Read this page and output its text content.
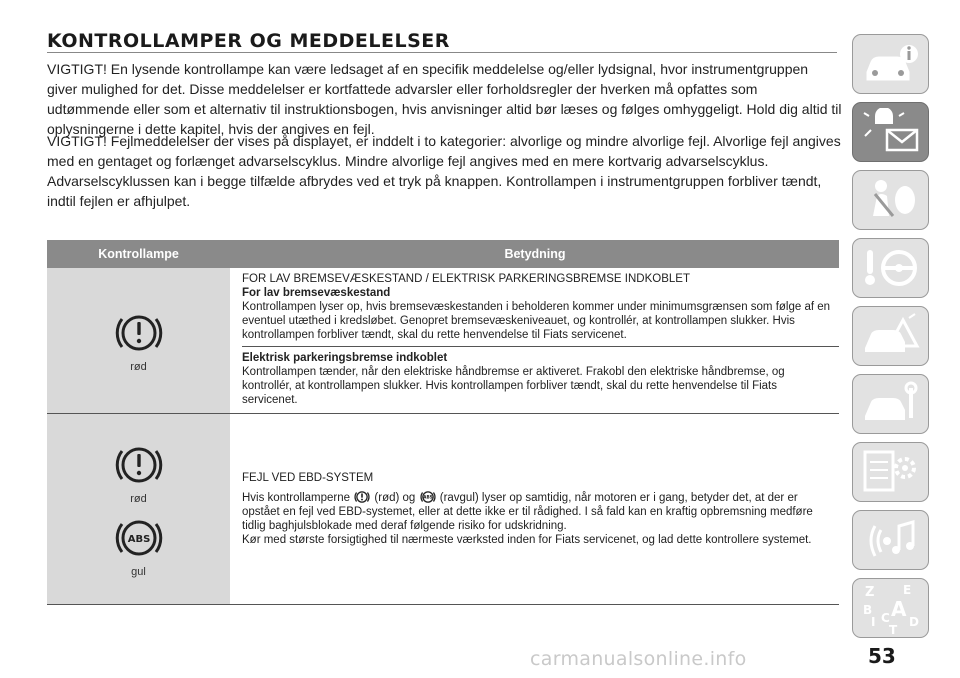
KONTROLLAMPER OG MEDDELELSER
VIGTIGT! En lysende kontrollampe kan være ledsaget af en specifik meddelelse og/eller lydsignal, hvor instrumentgruppen giver mulighed for det. Disse meddelelser er kortfattede advarsler eller forholdsregler der hverken må opfattes som udtømmende eller som et alternativ til instruktionsbogen, hvis anvisninger altid bør læses og følges omhyggeligt. Hold dig altid til oplysningerne i dette kapitel, hvis der angives en fejl.
VIGTIGT! Fejlmeddelelser der vises på displayet, er inddelt i to kategorier: alvorlige og mindre alvorlige fejl. Alvorlige fejl angives med en gentaget og forlænget advarselscyklus. Mindre alvorlige fejl angives med en mere kortvarig advarselscyklus. Advarselscyklussen kan i begge tilfælde afbrydes ved et tryk på knappen. Kontrollampen i instrumentgruppen forbliver tændt, indtil fejlen er afhjulpet.
Kontrollampe	Betydning
rød
FOR LAV BREMSEVÆSKESTAND / ELEKTRISK PARKERINGSBREMSE INDKOBLET
For lav bremsevæskestand
Kontrollampen lyser op, hvis bremsevæskestanden i beholderen kommer under minimumsgrænsen som følge af en eventuel utæthed i kredsløbet. Genopret bremsevæskeniveauet, og kontrollér, at kontrollampen slukker. Hvis kontrollampen forbliver tændt, skal du rette henvendelse til Fiats servicenet.
Elektrisk parkeringsbremse indkoblet
Kontrollampen tænder, når den elektriske håndbremse er aktiveret. Frakobl den elektriske håndbremse, og kontrollér, at kontrollampen slukker. Hvis kontrollampen forbliver tændt, skal du rette henvendelse til Fiats servicenet.
rød
ABS
gul
FEJL VED EBD-SYSTEM
Hvis kontrollamperne (rød) og ABS (ravgul) lyser op samtidig, når motoren er i gang, betyder det, at der er opstået en fejl ved EBD-systemet, eller at dette ikke er til rådighed. I så fald kan en kraftig opbremsning medføre tidlig baghjulsblokade med deraf følgende risiko for udskridning.
Kør med største forsigtighed til nærmeste værksted inden for Fiats servicenet, og lad dette kontrollere systemet.
Z E
B A
I C D
T
carmanualsonline.info	53
